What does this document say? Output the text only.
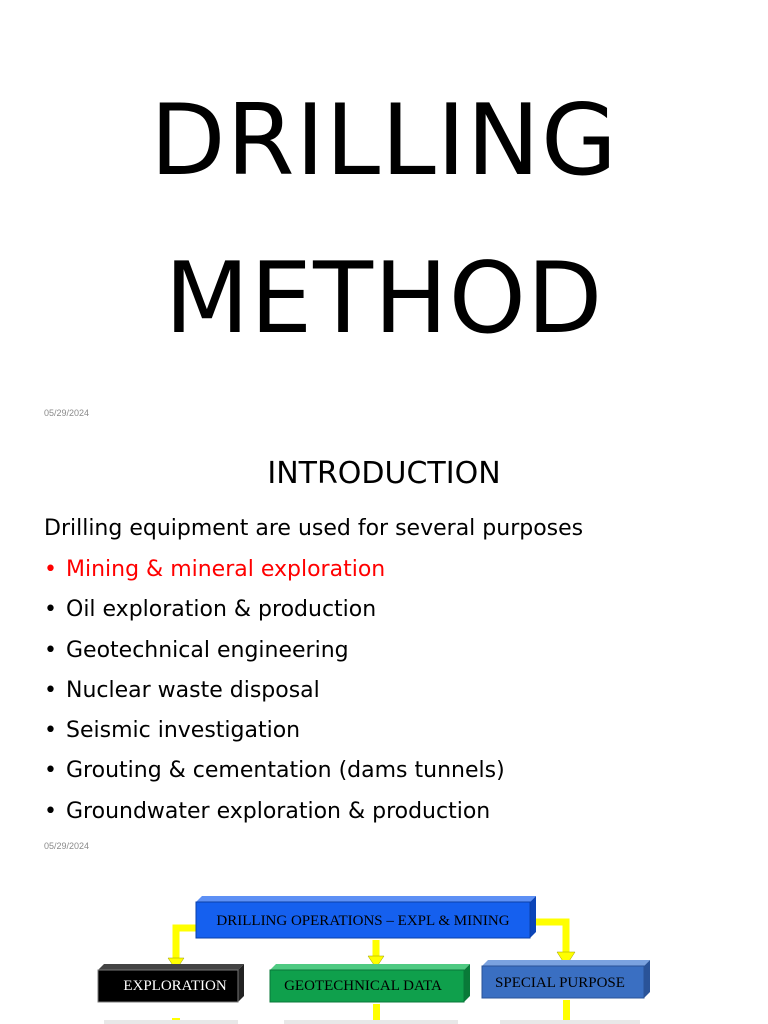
DRILLING
METHOD
05/29/2024
INTRODUCTION
Drilling equipment are used for several purposes
• Mining & mineral exploration
• Oil exploration & production
• Geotechnical engineering
• Nuclear waste disposal
• Seismic investigation
• Grouting & cementation (dams tunnels)
• Groundwater exploration & production
05/29/2024
DRILLING OPERATIONS – EXPL & MINING
EXPLORATION	GEOTECHNICAL DATA	SPECIAL PURPOSE
